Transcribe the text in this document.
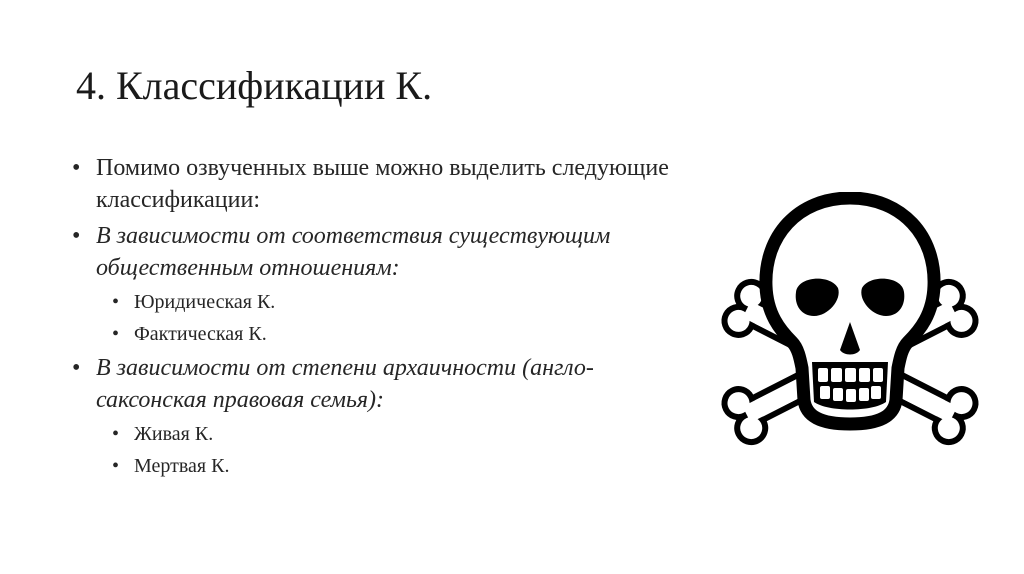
4. Классификации К.
• Помимо озвученных выше можно выделить следующие классификации:
• В зависимости от соответствия существующим общественным отношениям:
• Юридическая К.
• Фактическая К.
• В зависимости от степени архаичности (англо-саксонская правовая семья):
• Живая К.
• Мертвая К.
